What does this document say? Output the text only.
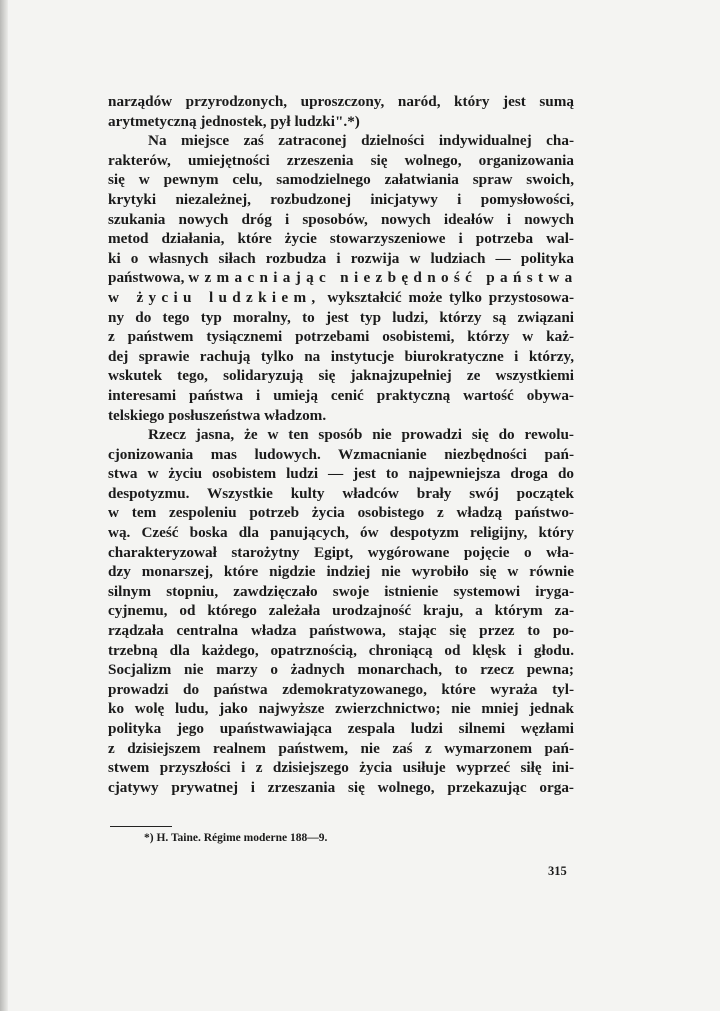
narządów przyrodzonych, uproszczony, naród, który jest sumą
arytmetyczną jednostek, pył ludzki".*)
Na miejsce zaś zatraconej dzielności indywidualnej cha-
rakterów, umiejętności zrzeszenia się wolnego, organizowania
się w pewnym celu, samodzielnego załatwiania spraw swoich,
krytyki niezależnej, rozbudzonej inicjatywy i pomysłowości,
szukania nowych dróg i sposobów, nowych ideałów i nowych
metod działania, które życie stowarzyszeniowe i potrzeba wal-
ki o własnych siłach rozbudza i rozwija w ludziach — polityka
państwowa, wzmacniając niezbędność państwa
w życiu ludzkiem, wykształcić może tylko przystosowa-
ny do tego typ moralny, to jest typ ludzi, którzy są związani
z państwem tysiącznemi potrzebami osobistemi, którzy w każ-
dej sprawie rachują tylko na instytucje biurokratyczne i którzy,
wskutek tego, solidaryzują się jaknajzupełniej ze wszystkiemi
interesami państwa i umieją cenić praktyczną wartość obywa-
telskiego posłuszeństwa władzom.
Rzecz jasna, że w ten sposób nie prowadzi się do rewolu-
cjonizowania mas ludowych. Wzmacnianie niezbędności pań-
stwa w życiu osobistem ludzi — jest to najpewniejsza droga do
despotyzmu. Wszystkie kulty władców brały swój początek
w tem zespoleniu potrzeb życia osobistego z władzą państwo-
wą. Cześć boska dla panujących, ów despotyzm religijny, który
charakteryzował starożytny Egipt, wygórowane pojęcie o wła-
dzy monarszej, które nigdzie indziej nie wyrobiło się w równie
silnym stopniu, zawdzięczało swoje istnienie systemowi iryga-
cyjnemu, od którego zależała urodzajność kraju, a którym za-
rządzała centralna władza państwowa, stając się przez to po-
trzebną dla każdego, opatrznością, chroniącą od klęsk i głodu.
Socjalizm nie marzy o żadnych monarchach, to rzecz pewna;
prowadzi do państwa zdemokratyzowanego, które wyraża tyl-
ko wolę ludu, jako najwyższe zwierzchnictwo; nie mniej jednak
polityka jego upaństwawiająca zespala ludzi silnemi węzłami
z dzisiejszem realnem państwem, nie zaś z wymarzonem pań-
stwem przyszłości i z dzisiejszego życia usiłuje wyprzeć siłę ini-
cjatywy prywatnej i zrzeszania się wolnego, przekazując orga-
*) H. Taine. Régime moderne 188—9.
315
